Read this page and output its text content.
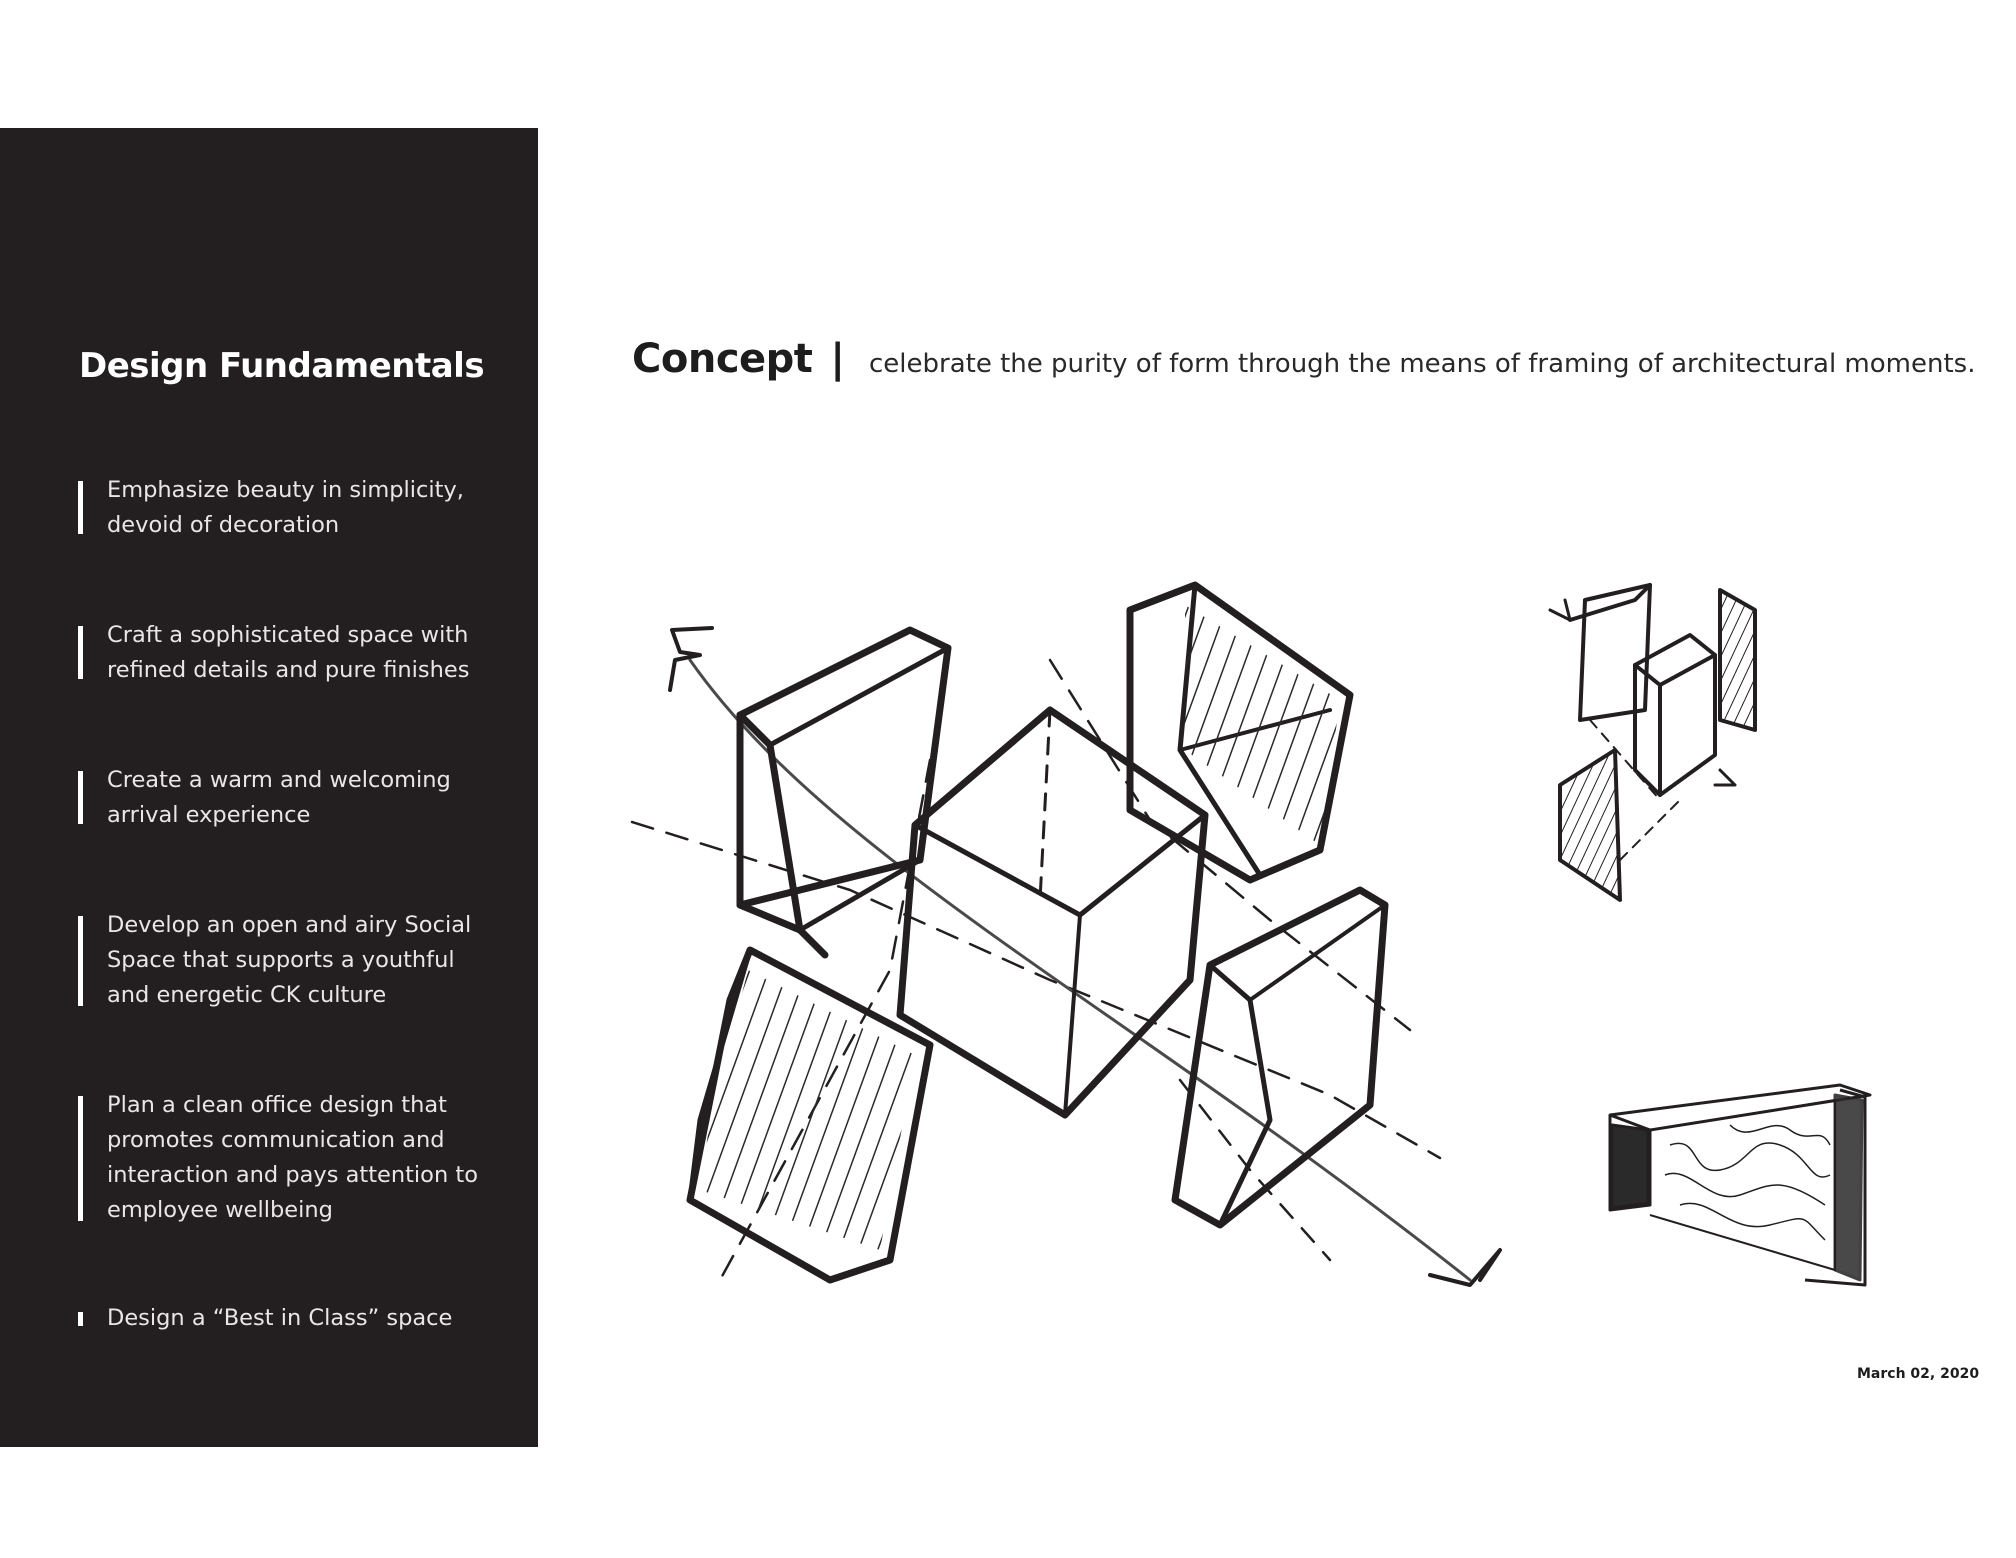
Design Fundamentals
Emphasize beauty in simplicity,
devoid of decoration
Craft a sophisticated space with
refined details and pure finishes
Create a warm and welcoming
arrival experience
Develop an open and airy Social
Space that supports a youthful
and energetic CK culture
Plan a clean office design that
promotes communication and
interaction and pays attention to
employee wellbeing
Design a “Best in Class” space
Concept | celebrate the purity of form through the means of framing of architectural moments.
March 02, 2020
